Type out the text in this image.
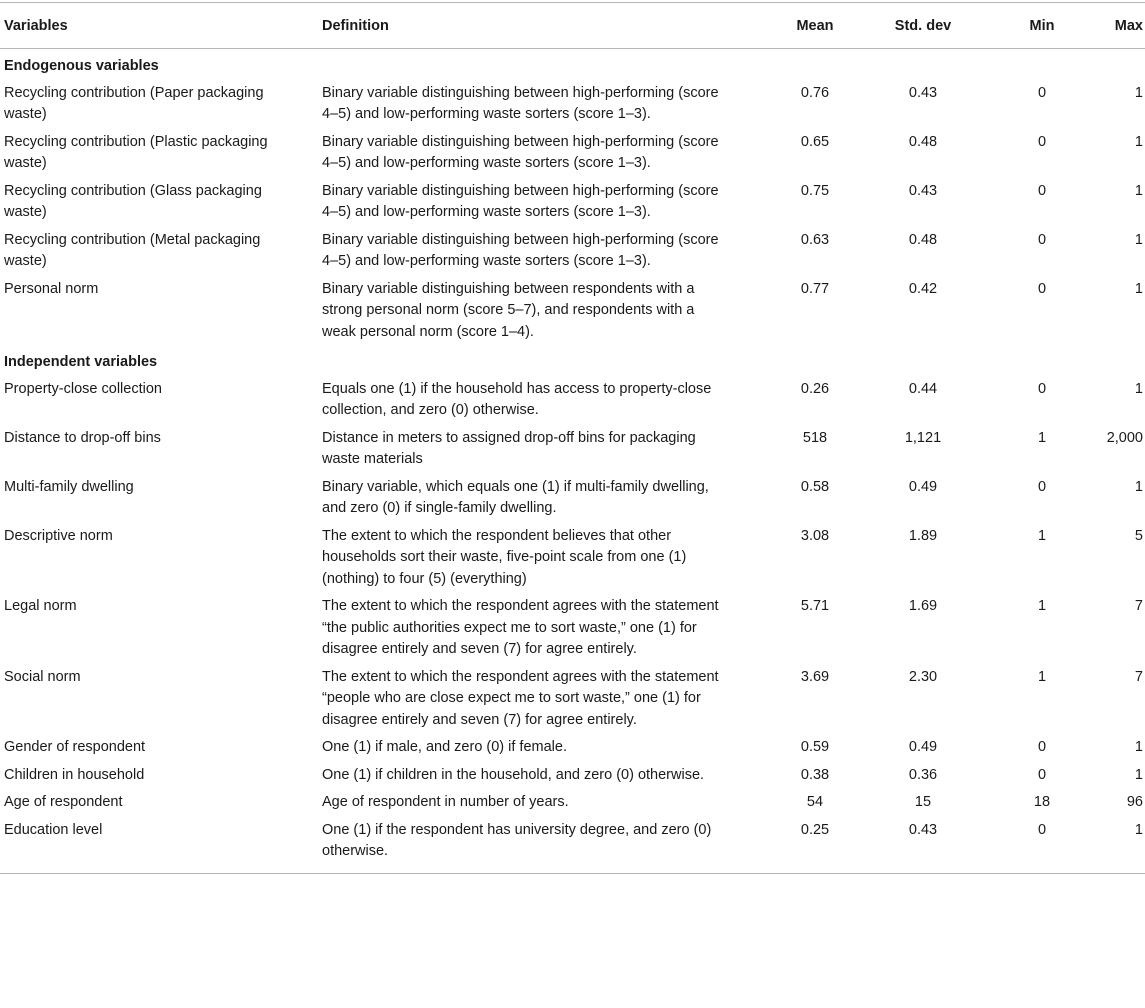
Variables	Definition	Mean	Std. dev	Min	Max
Endogenous variables					
Recycling contribution (Paper packaging waste)	Binary variable distinguishing between high-performing (score 4–5) and low-performing waste sorters (score 1–3).	0.76	0.43	0	1
Recycling contribution (Plastic packaging waste)	Binary variable distinguishing between high-performing (score 4–5) and low-performing waste sorters (score 1–3).	0.65	0.48	0	1
Recycling contribution (Glass packaging waste)	Binary variable distinguishing between high-performing (score 4–5) and low-performing waste sorters (score 1–3).	0.75	0.43	0	1
Recycling contribution (Metal packaging waste)	Binary variable distinguishing between high-performing (score 4–5) and low-performing waste sorters (score 1–3).	0.63	0.48	0	1
Personal norm	Binary variable distinguishing between respondents with a strong personal norm (score 5–7), and respondents with a weak personal norm (score 1–4).	0.77	0.42	0	1
Independent variables					
Property-close collection	Equals one (1) if the household has access to property-close collection, and zero (0) otherwise.	0.26	0.44	0	1
Distance to drop-off bins	Distance in meters to assigned drop-off bins for packaging waste materials	518	1,121	1	2,000
Multi-family dwelling	Binary variable, which equals one (1) if multi-family dwelling, and zero (0) if single-family dwelling.	0.58	0.49	0	1
Descriptive norm	The extent to which the respondent believes that other households sort their waste, five-point scale from one (1) (nothing) to four (5) (everything)	3.08	1.89	1	5
Legal norm	The extent to which the respondent agrees with the statement “the public authorities expect me to sort waste,” one (1) for disagree entirely and seven (7) for agree entirely.	5.71	1.69	1	7
Social norm	The extent to which the respondent agrees with the statement “people who are close expect me to sort waste,” one (1) for disagree entirely and seven (7) for agree entirely.	3.69	2.30	1	7
Gender of respondent	One (1) if male, and zero (0) if female.	0.59	0.49	0	1
Children in household	One (1) if children in the household, and zero (0) otherwise.	0.38	0.36	0	1
Age of respondent	Age of respondent in number of years.	54	15	18	96
Education level	One (1) if the respondent has university degree, and zero (0) otherwise.	0.25	0.43	0	1
